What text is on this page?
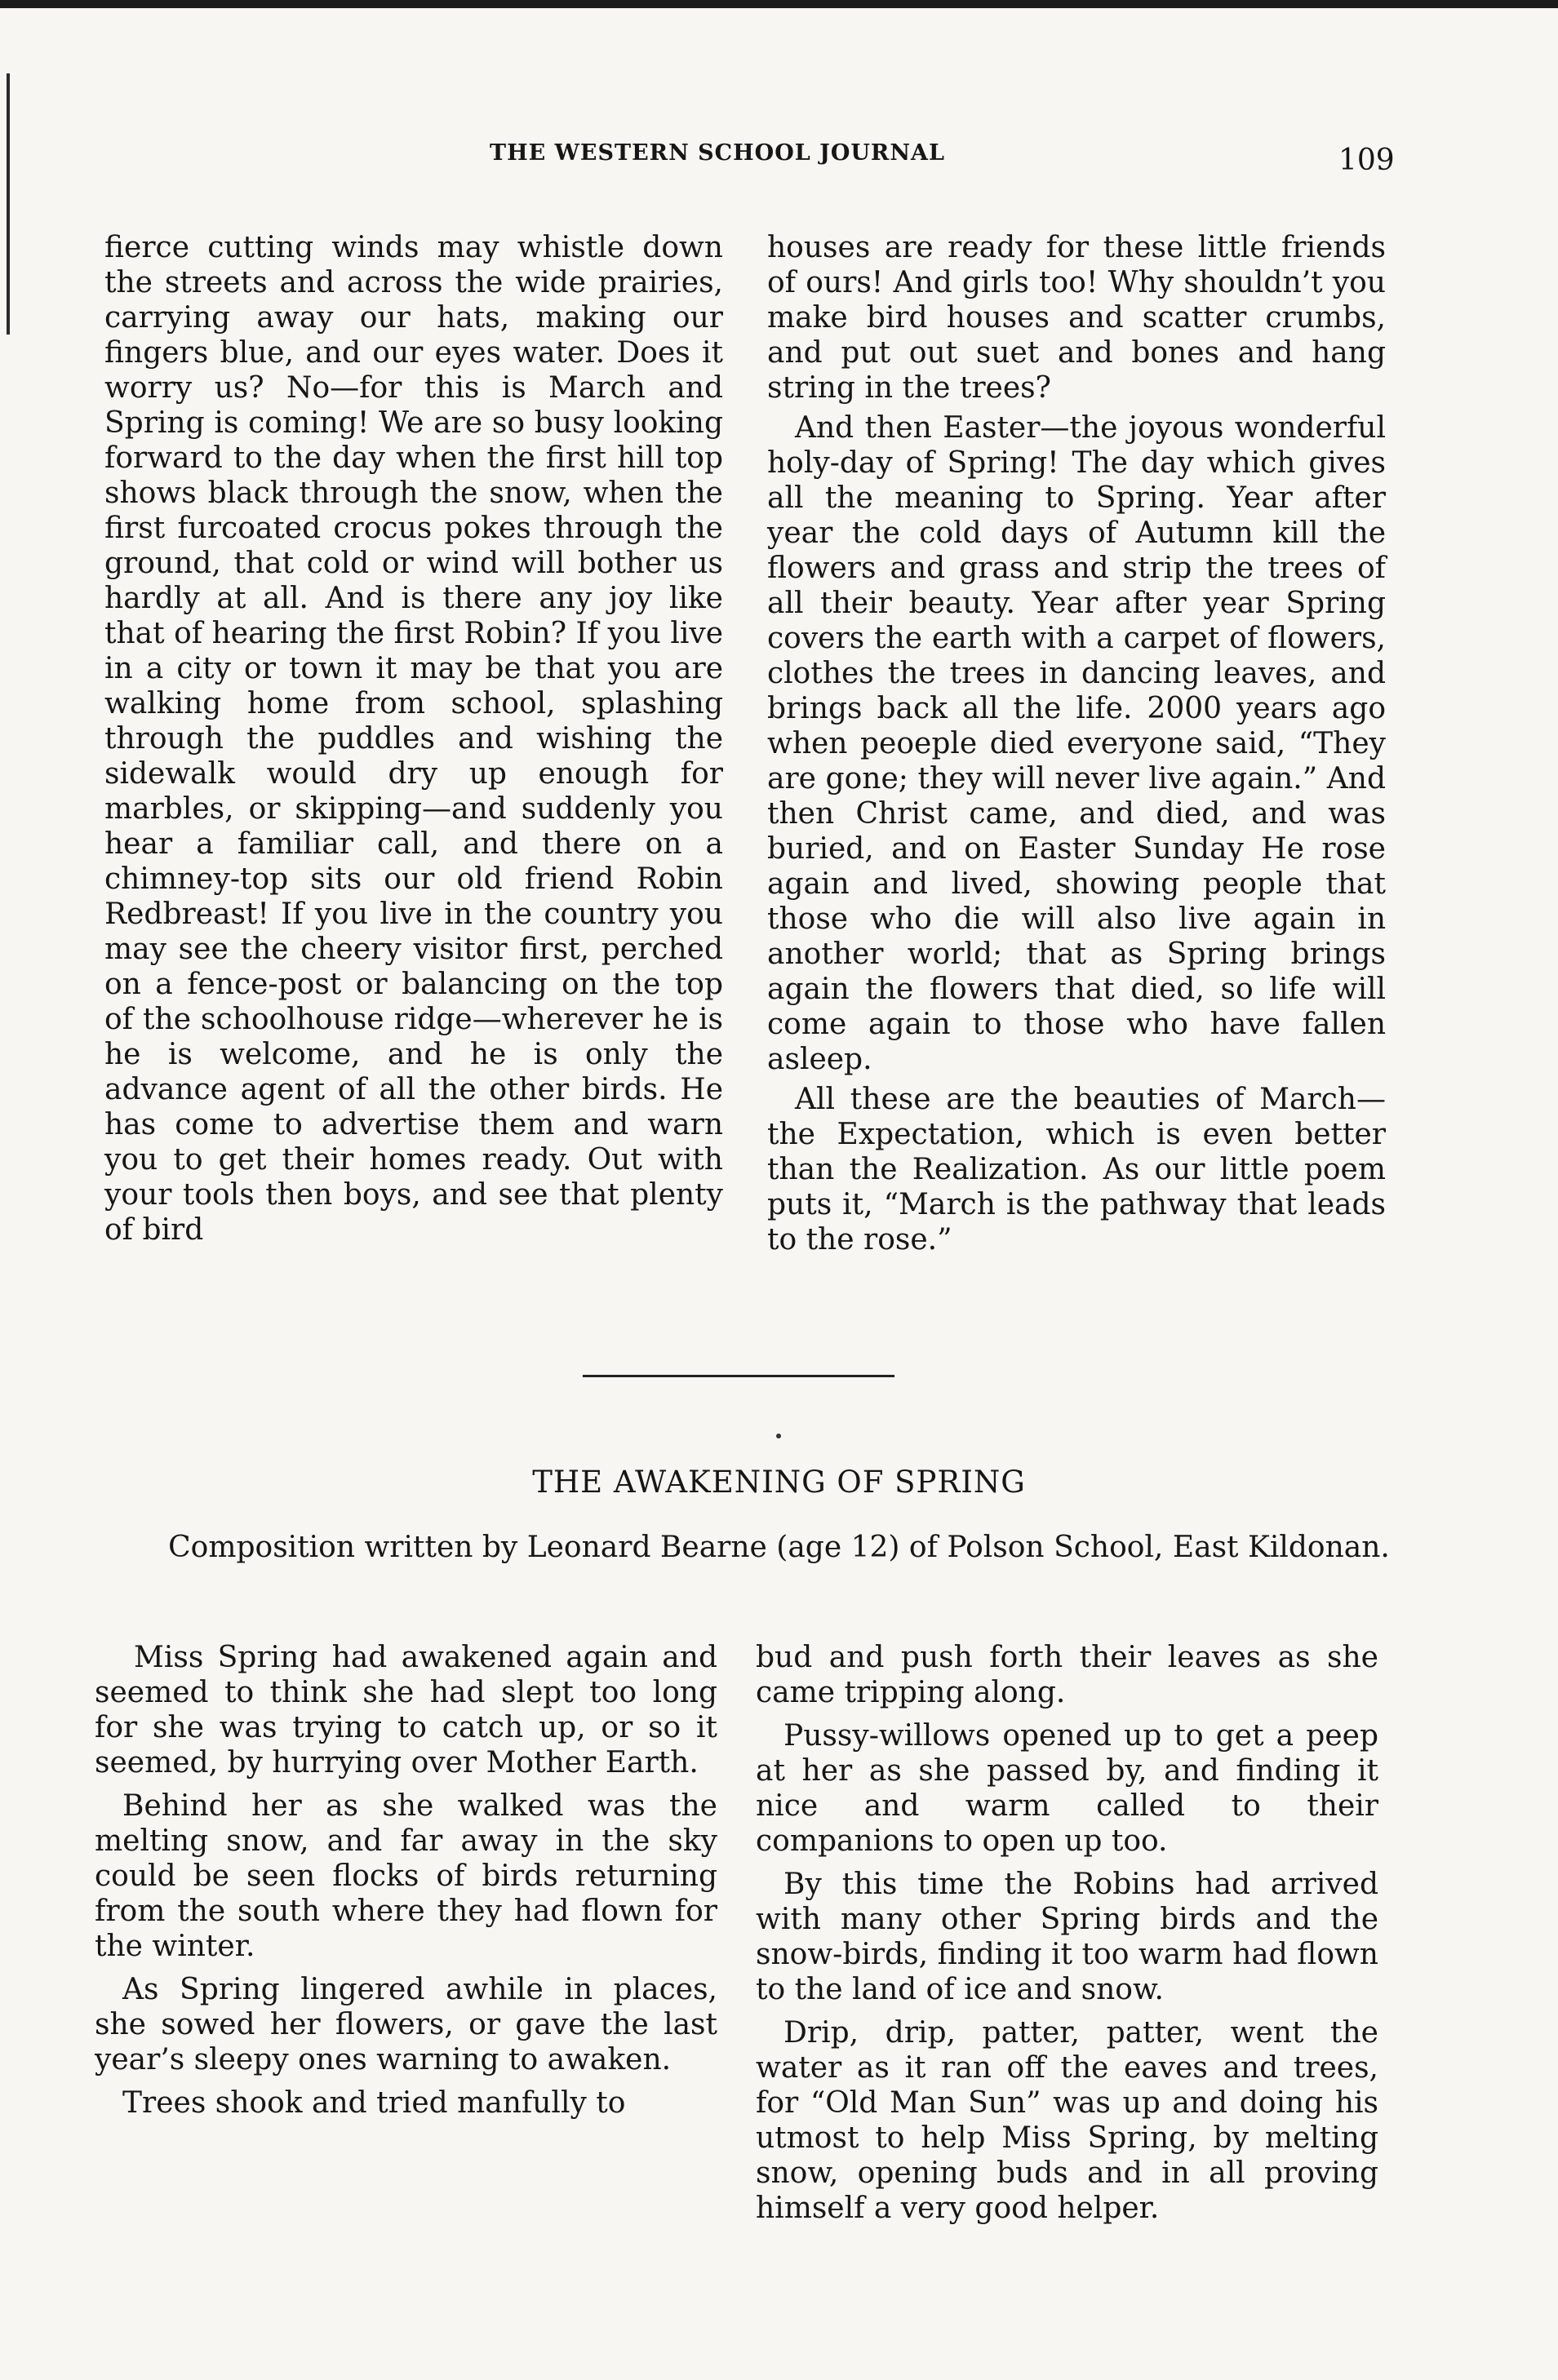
THE WESTERN SCHOOL JOURNAL	109

fierce cutting winds may whistle down the streets and across the wide prairies, carrying away our hats, making our fingers blue, and our eyes water. Does it worry us? No—for this is March and Spring is coming! We are so busy looking forward to the day when the first hill top shows black through the snow, when the first furcoated crocus pokes through the ground, that cold or wind will bother us hardly at all. And is there any joy like that of hearing the first Robin? If you live in a city or town it may be that you are walking home from school, splashing through the puddles and wishing the sidewalk would dry up enough for marbles, or skipping—and suddenly you hear a familiar call, and there on a chimney-top sits our old friend Robin Redbreast! If you live in the country you may see the cheery visitor first, perched on a fence-post or balancing on the top of the schoolhouse ridge—wherever he is he is welcome, and he is only the advance agent of all the other birds. He has come to advertise them and warn you to get their homes ready. Out with your tools then boys, and see that plenty of bird

houses are ready for these little friends of ours! And girls too! Why shouldn’t you make bird houses and scatter crumbs, and put out suet and bones and hang string in the trees?

And then Easter—the joyous wonderful holy-day of Spring! The day which gives all the meaning to Spring. Year after year the cold days of Autumn kill the flowers and grass and strip the trees of all their beauty. Year after year Spring covers the earth with a carpet of flowers, clothes the trees in dancing leaves, and brings back all the life. 2000 years ago when peoeple died everyone said, “They are gone; they will never live again.” And then Christ came, and died, and was buried, and on Easter Sunday He rose again and lived, showing people that those who die will also live again in another world; that as Spring brings again the flowers that died, so life will come again to those who have fallen asleep.

All these are the beauties of March—the Expectation, which is even better than the Realization. As our little poem puts it, “March is the pathway that leads to the rose.”

THE AWAKENING OF SPRING
Composition written by Leonard Bearne (age 12) of Polson School, East Kildonan.

Miss Spring had awakened again and seemed to think she had slept too long for she was trying to catch up, or so it seemed, by hurrying over Mother Earth.

Behind her as she walked was the melting snow, and far away in the sky could be seen flocks of birds returning from the south where they had flown for the winter.

As Spring lingered awhile in places, she sowed her flowers, or gave the last year’s sleepy ones warning to awaken.

Trees shook and tried manfully to

bud and push forth their leaves as she came tripping along.

Pussy-willows opened up to get a peep at her as she passed by, and finding it nice and warm called to their companions to open up too.

By this time the Robins had arrived with many other Spring birds and the snow-birds, finding it too warm had flown to the land of ice and snow.

Drip, drip, patter, patter, went the water as it ran off the eaves and trees, for “Old Man Sun” was up and doing his utmost to help Miss Spring, by melting snow, opening buds and in all proving himself a very good helper.
